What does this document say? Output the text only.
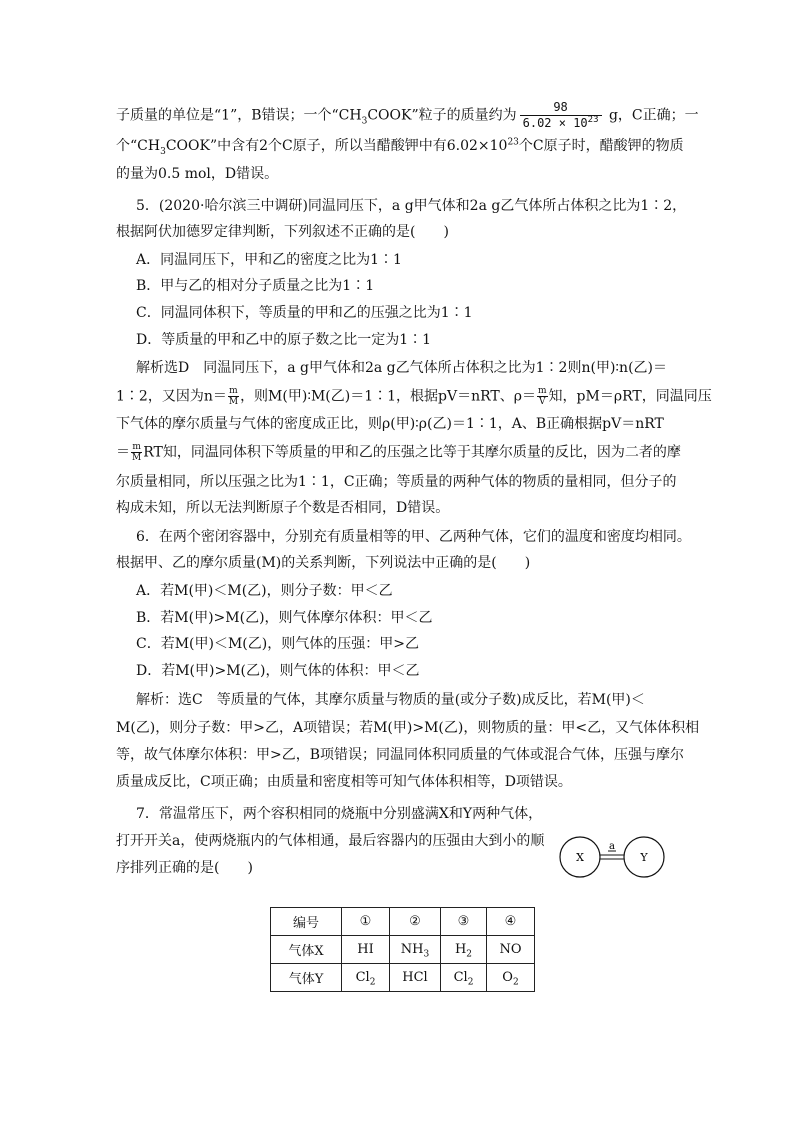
子质量的单位是“1”，B错误；一个“$CH_3COOK$”粒子的质量约为 $\frac{98}{6.02 \times 10^{23}}$ g，C正确；一
个“$CH_3COOK$”中含有2个C原子，所以当醋酸钾中有$6.02\times 10^{23}$个C原子时，醋酸钾的物质
的量为0.5 mol，D错误。
5．(2020·哈尔滨三中调研)同温同压下，a g甲气体和2a g乙气体所占体积之比为1∶2，
根据阿伏加德罗定律判断，下列叙述不正确的是(　　)
A．同温同压下，甲和乙的密度之比为1∶1
B．甲与乙的相对分子质量之比为1∶1
C．同温同体积下，等质量的甲和乙的压强之比为1∶1
D．等质量的甲和乙中的原子数之比一定为1∶1
解析选D　同温同压下，a g甲气体和2a g乙气体所占体积之比为1∶2则n(甲)∶n(乙)＝
1∶2，又因为$n= \frac{m}{M}$ ，则M(甲)∶M(乙)＝1∶1，根据pV＝nRT、$\rho= \frac{m}{V}$ 知，pM＝ρRT，同温同压
下气体的摩尔质量与气体的密度成正比，则ρ(甲)∶ρ(乙)＝1∶1，A、B正确根据pV＝nRT
＝ $\frac{m}{M}$ RT知，同温同体积下等质量的甲和乙的压强之比等于其摩尔质量的反比，因为二者的摩
尔质量相同，所以压强之比为1∶1，C正确；等质量的两种气体的物质的量相同，但分子的
构成未知，所以无法判断原子个数是否相同，D错误。
6．在两个密闭容器中，分别充有质量相等的甲、乙两种气体，它们的温度和密度均相同。
根据甲、乙的摩尔质量(M)的关系判断，下列说法中正确的是(　　)
A．若M(甲)＜M(乙)，则分子数：甲＜乙
B．若M(甲)>M(乙)，则气体摩尔体积：甲＜乙
C．若M(甲)＜M(乙)，则气体的压强：甲>乙
D．若M(甲)>M(乙)，则气体的体积：甲＜乙
解析：选C　等质量的气体，其摩尔质量与物质的量(或分子数)成反比，若M(甲)＜
M(乙)，则分子数：甲>乙，A项错误；若M(甲)>M(乙)，则物质的量：甲<乙，又气体体积相
等，故气体摩尔体积：甲>乙，B项错误；同温同体积同质量的气体或混合气体，压强与摩尔
质量成反比，C项正确；由质量和密度相等可知气体体积相等，D项错误。
7．常温常压下，两个容积相同的烧瓶中分别盛满X和Y两种气体，
打开开关a，使两烧瓶内的气体相通，最后容器内的压强由大到小的顺
序排列正确的是(　　)
X	Y
a
编号	①	②	③	④
气体X	HI	$NH_3$	$H_2$	NO
气体Y	$Cl_2$	HCl	$Cl_2$	$O_2$
